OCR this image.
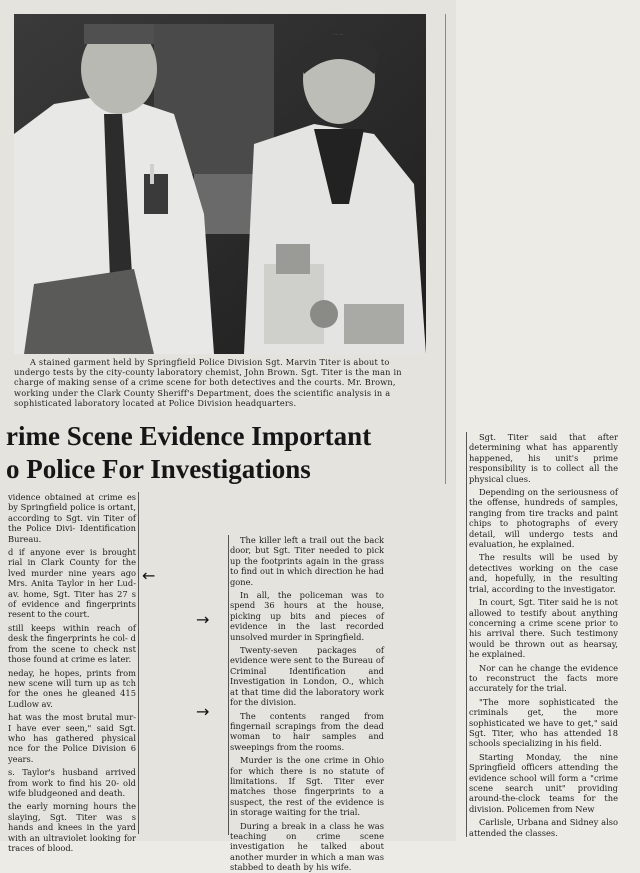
A stained garment held by Springfield Police Division Sgt. Marvin Titer is about to undergo tests by the city-county laboratory chemist, John Brown. Sgt. Titer is the man in charge of making sense of a crime scene for both detectives and the courts. Mr. Brown, working under the Clark County Sheriff's Department, does the scientific analysis in a sophisticated laboratory located at Police Division headquarters.
rime Scene Evidence Important
o Police For Investigations

vidence obtained at crime es by Springfield police is ortant, according to Sgt. vin Titer of the Police Divi- Identification Bureau.

d if anyone ever is brought rial in Clark County for the lved murder nine years ago Mrs. Anita Taylor in her Lud- av. home, Sgt. Titer has 27 s of evidence and fingerprints resent to the court.

still keeps within reach of desk the fingerprints he col- d from the scene to check nst those found at crime es later.

neday, he hopes, prints from new scene will turn up as tch for the ones he gleaned 415 Ludlow av.

hat was the most brutal mur- I have ever seen," said Sgt. who has gathered physical nce for the Police Division 6 years.

s. Taylor's husband arrived from work to find his 20- old wife bludgeoned and death.

the early morning hours the slaying, Sgt. Titer was s hands and knees in the yard with an ultraviolet looking for traces of blood.

←

The killer left a trail out the back door, but Sgt. Titer needed to pick up the footprints again in the grass to find out in which direction he had gone.

In all, the policeman was to spend 36 hours at the house, picking up bits and pieces of evidence in the last recorded unsolved murder in Springfield.

Twenty-seven packages of evidence were sent to the Bureau of Criminal Identification and Investigation in London, O., which at that time did the laboratory work for the division.

The contents ranged from fingernail scrapings from the dead woman to hair samples and sweepings from the rooms.

Murder is the one crime in Ohio for which there is no statute of limitations. If Sgt. Titer ever matches those fingerprints to a suspect, the rest of the evidence is in storage waiting for the trial.

During a break in a class he was teaching on crime scene investigation he talked about another murder in which a man was stabbed to death by his wife.

→
→

Sgt. Titer said that after determining what has apparently happened, his unit's prime responsibility is to collect all the physical clues.

Depending on the seriousness of the offense, hundreds of samples, ranging from tire tracks and paint chips to photographs of every detail, will undergo tests and evaluation, he explained.

The results will be used by detectives working on the case and, hopefully, in the resulting trial, according to the investigator.

In court, Sgt. Titer said he is not allowed to testify about anything concerning a crime scene prior to his arrival there. Such testimony would be thrown out as hearsay, he explained.

Nor can he change the evidence to reconstruct the facts more accurately for the trial.

"The more sophisticated the criminals get, the more sophisticated we have to get," said Sgt. Titer, who has attended 18 schools specializing in his field.

Starting Monday, the nine Springfield officers attending the evidence school will form a "crime scene search unit" providing around-the-clock teams for the division. Policemen from New

Carlisle, Urbana and Sidney also attended the classes.
